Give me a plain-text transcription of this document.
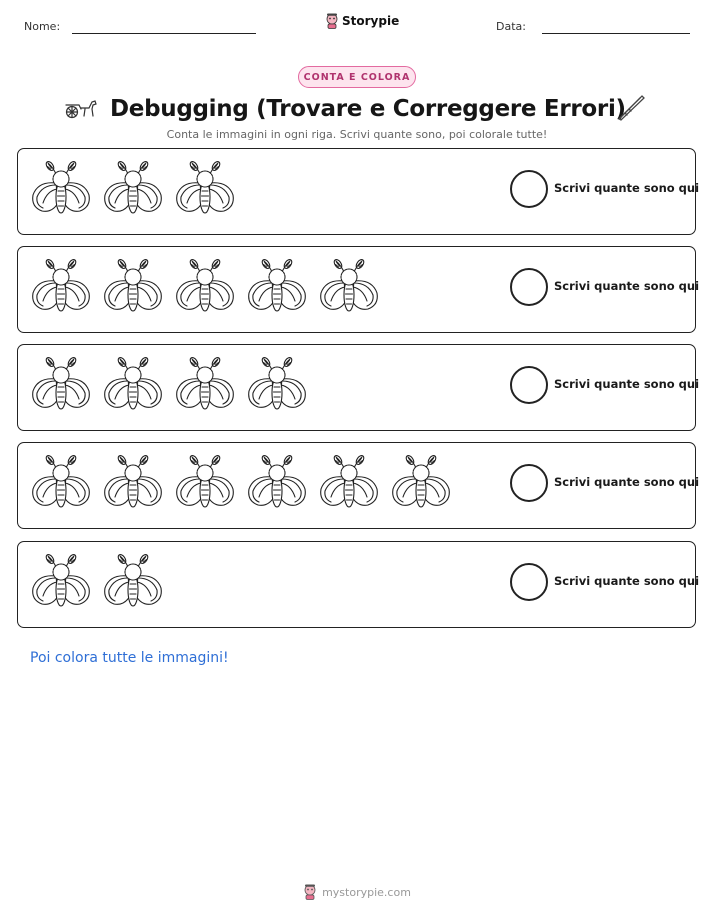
Nome:	Storypie	Data:
CONTA E COLORA
Debugging (Trovare e Correggere Errori)
Conta le immagini in ogni riga. Scrivi quante sono, poi colorale tutte!
Scrivi quante sono qui
Scrivi quante sono qui
Scrivi quante sono qui
Scrivi quante sono qui
Scrivi quante sono qui
Poi colora tutte le immagini!
mystorypie.com
